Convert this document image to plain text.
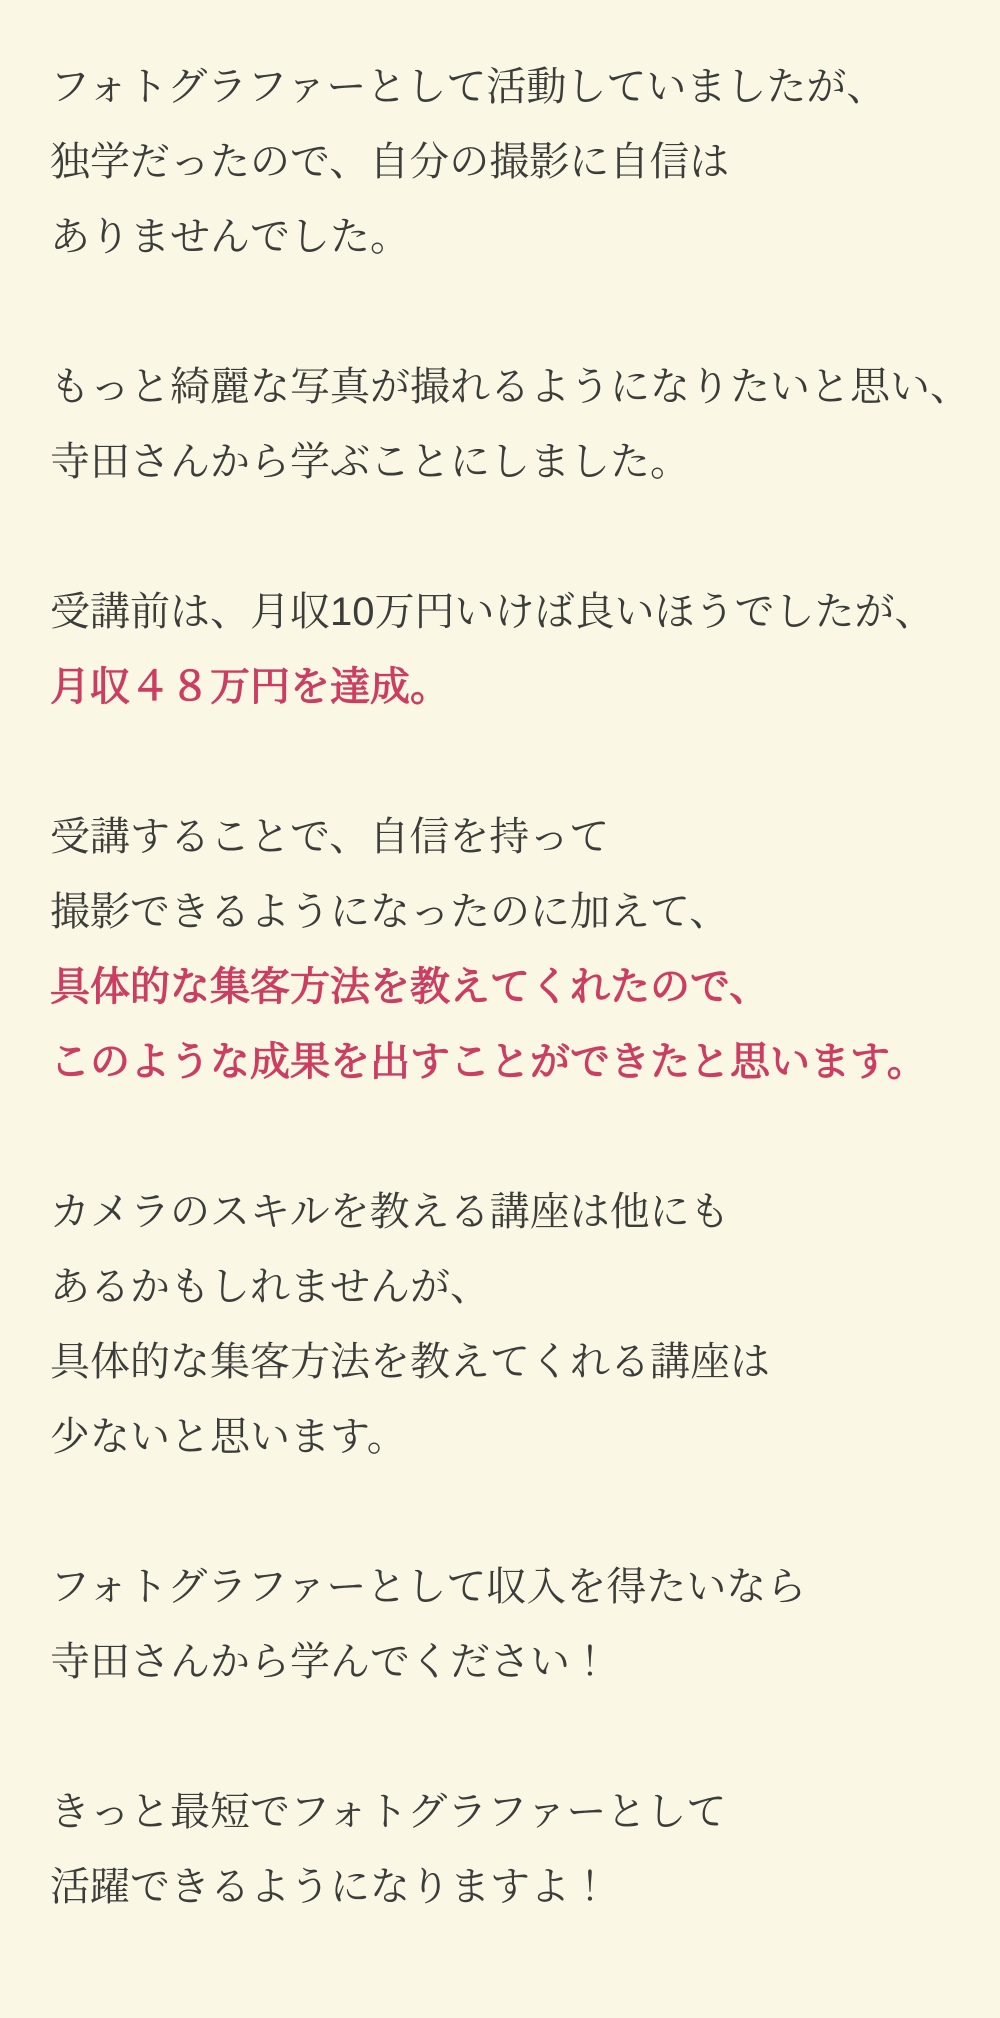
フォトグラファーとして活動していましたが、
独学だったので、自分の撮影に自信は
ありませんでした。
もっと綺麗な写真が撮れるようになりたいと思い、
寺田さんから学ぶことにしました。
受講前は、月収10万円いけば良いほうでしたが、
月収４８万円を達成。
受講することで、自信を持って
撮影できるようになったのに加えて、
具体的な集客方法を教えてくれたので、
このような成果を出すことができたと思います。
カメラのスキルを教える講座は他にも
あるかもしれませんが、
具体的な集客方法を教えてくれる講座は
少ないと思います。
フォトグラファーとして収入を得たいなら
寺田さんから学んでください！
きっと最短でフォトグラファーとして
活躍できるようになりますよ！
